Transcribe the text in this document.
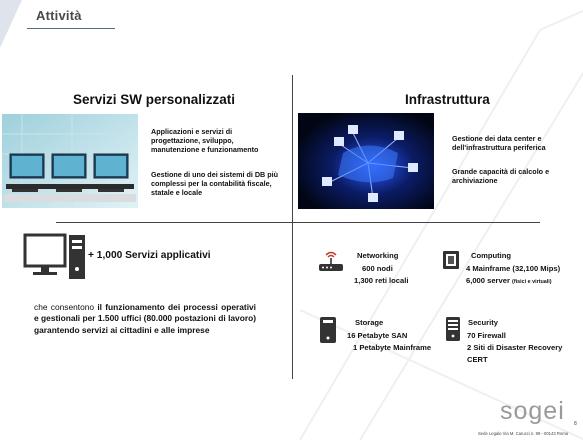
Attività
Servizi SW personalizzati
Applicazioni e servizi di progettazione, sviluppo, manutenzione e funzionamento
Gestione di uno dei sistemi di DB più complessi per la contabilità fiscale, statale e locale
Infrastruttura
Gestione dei data center e dell'infrastruttura periferica
Grande capacità di calcolo e archiviazione
+ 1,000 Servizi applicativi
che consentono il funzionamento dei processi operativi e gestionali per 1.500 uffici (80.000 postazioni di lavoro) garantendo servizi ai cittadini e alle imprese
Networking
600 nodi
1,300 reti locali
Computing
4 Mainframe (32,100 Mips)
6,000 server (fisici e virtuali)
Storage
16 Petabyte SAN
1 Petabyte Mainframe
Security
70 Firewall
2 Siti di Disaster Recovery
CERT
sogei 8
Sede Legale Via M. Carucci n. 99 - 00143 Roma
